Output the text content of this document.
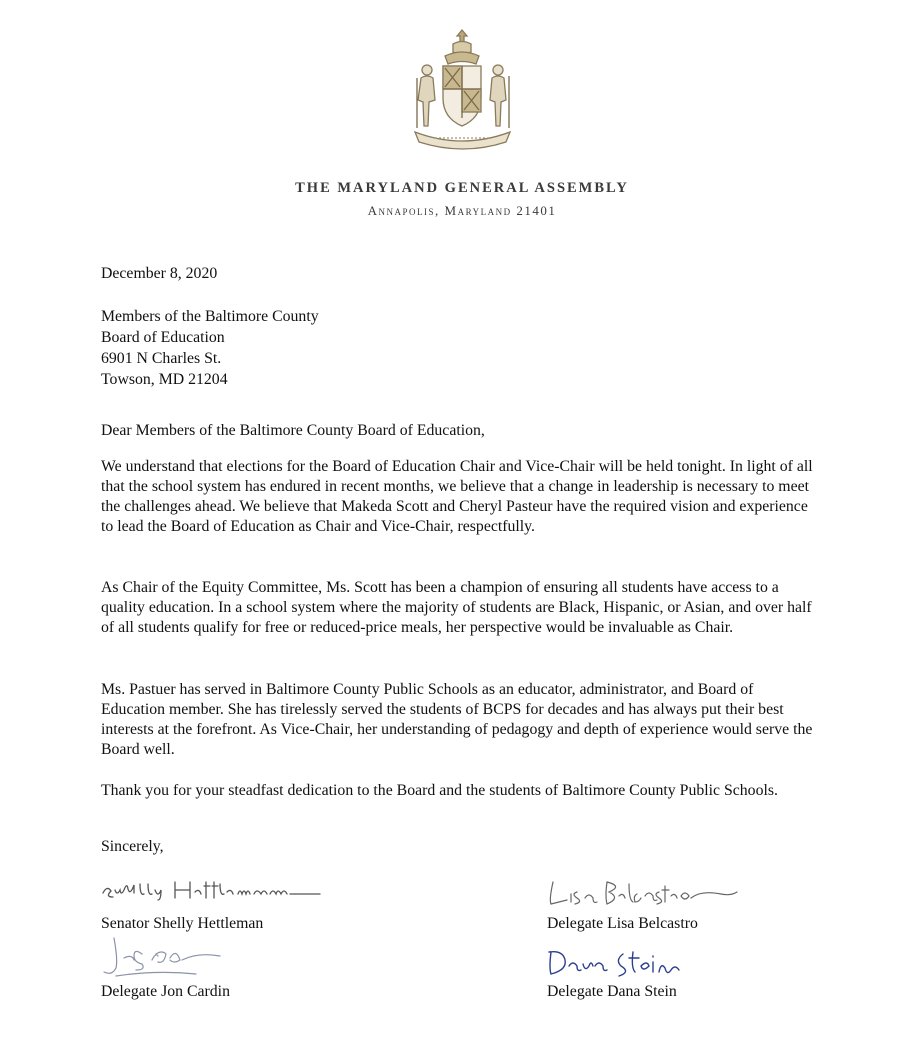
THE MARYLAND GENERAL ASSEMBLY
Annapolis, Maryland 21401
December 8, 2020
Members of the Baltimore County
Board of Education
6901 N Charles St.
Towson, MD 21204
Dear Members of the Baltimore County Board of Education,

We understand that elections for the Board of Education Chair and Vice-Chair will be held tonight. In light of all that the school system has endured in recent months, we believe that a change in leadership is necessary to meet the challenges ahead. We believe that Makeda Scott and Cheryl Pasteur have the required vision and experience to lead the Board of Education as Chair and Vice-Chair, respectfully.

As Chair of the Equity Committee, Ms. Scott has been a champion of ensuring all students have access to a quality education. In a school system where the majority of students are Black, Hispanic, or Asian, and over half of all students qualify for free or reduced-price meals, her perspective would be invaluable as Chair.

Ms. Pastuer has served in Baltimore County Public Schools as an educator, administrator, and Board of Education member. She has tirelessly served the students of BCPS for decades and has always put their best interests at the forefront. As Vice-Chair, her understanding of pedagogy and depth of experience would serve the Board well.

Thank you for your steadfast dedication to the Board and the students of Baltimore County Public Schools.

Sincerely,
Senator Shelly Hettleman	Delegate Lisa Belcastro
Delegate Jon Cardin	Delegate Dana Stein
